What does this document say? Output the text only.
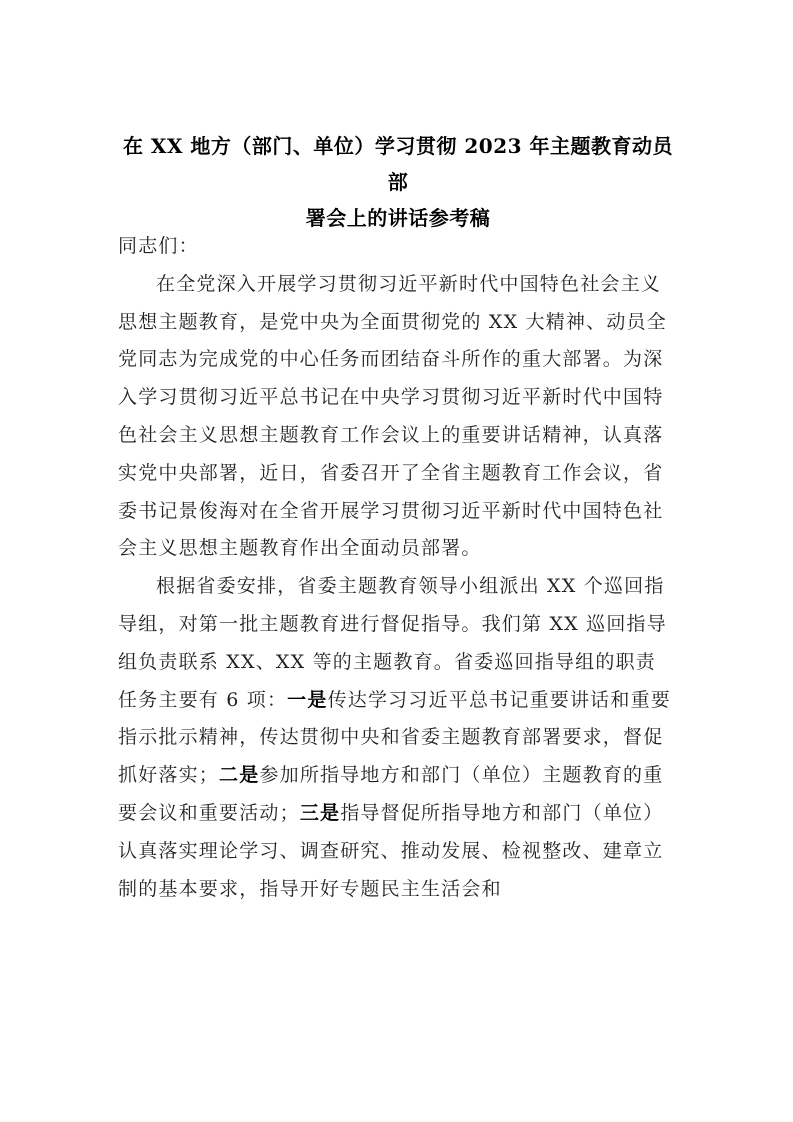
在 XX 地方（部门、单位）学习贯彻 2023 年主题教育动员部
署会上的讲话参考稿

同志们：

在全党深入开展学习贯彻习近平新时代中国特色社会主义思想主题教育，是党中央为全面贯彻党的 XX 大精神、动员全党同志为完成党的中心任务而团结奋斗所作的重大部署。为深入学习贯彻习近平总书记在中央学习贯彻习近平新时代中国特色社会主义思想主题教育工作会议上的重要讲话精神，认真落实党中央部署，近日，省委召开了全省主题教育工作会议，省委书记景俊海对在全省开展学习贯彻习近平新时代中国特色社会主义思想主题教育作出全面动员部署。

根据省委安排，省委主题教育领导小组派出 XX 个巡回指导组，对第一批主题教育进行督促指导。我们第 XX 巡回指导组负责联系 XX、XX 等的主题教育。省委巡回指导组的职责任务主要有 6 项：一是传达学习习近平总书记重要讲话和重要指示批示精神，传达贯彻中央和省委主题教育部署要求，督促抓好落实；二是参加所指导地方和部门（单位）主题教育的重要会议和重要活动；三是指导督促所指导地方和部门（单位）认真落实理论学习、调查研究、推动发展、检视整改、建章立制的基本要求，指导开好专题民主生活会和
